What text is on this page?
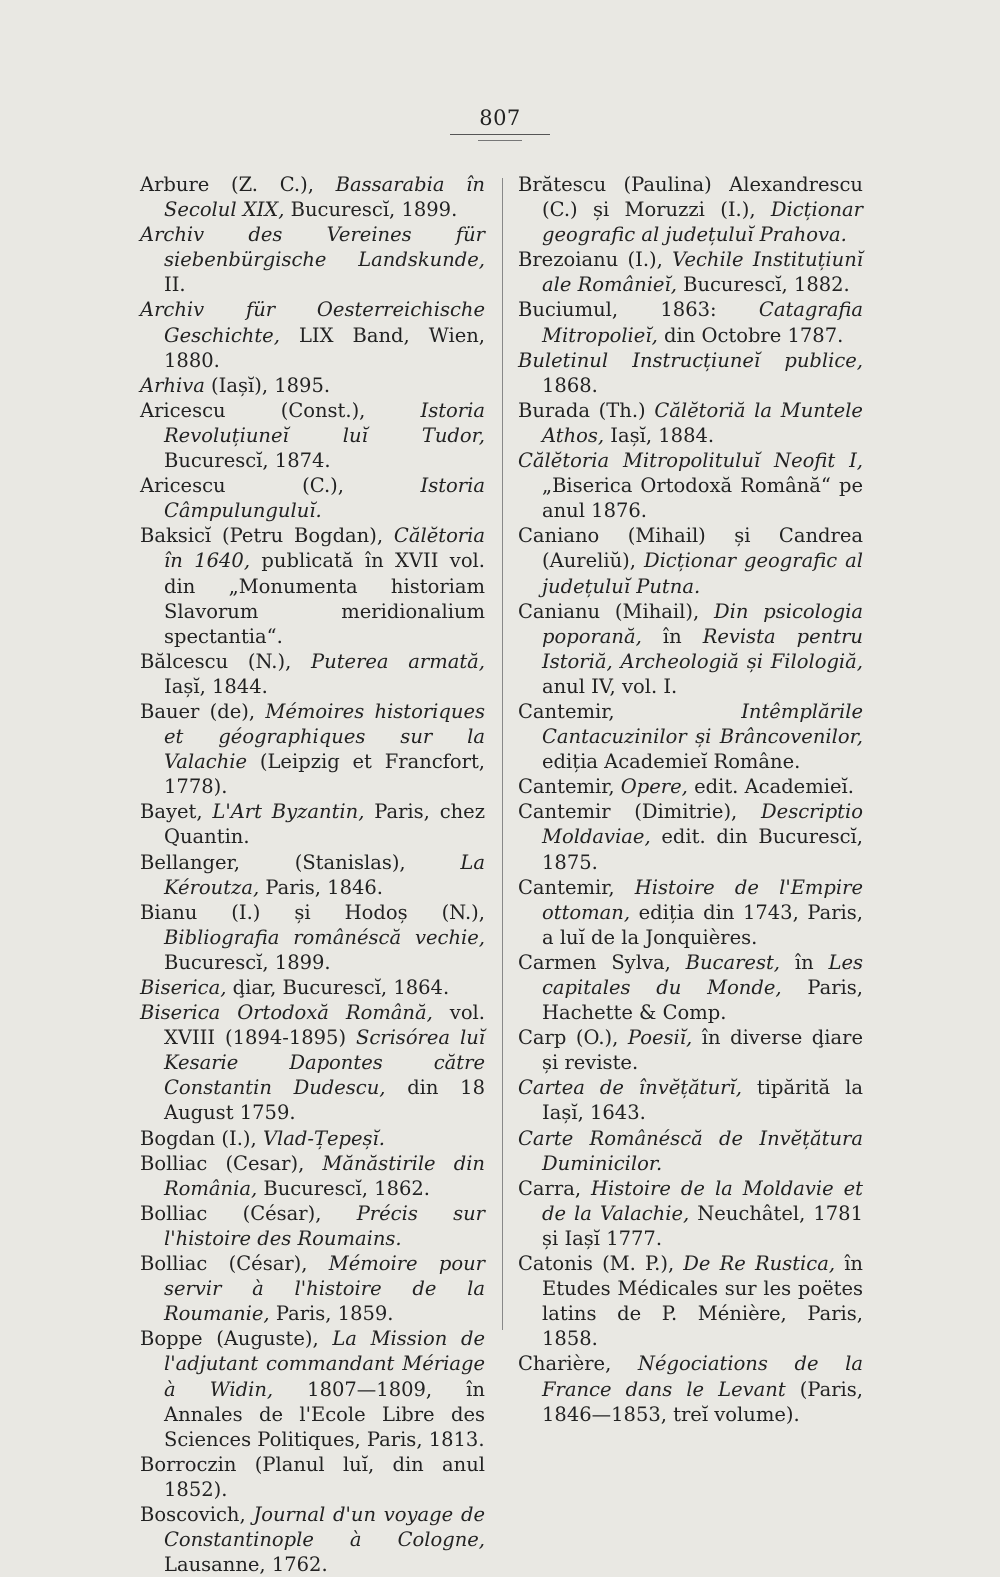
807
Arbure (Z. C.), Bassarabia în Secolul XIX, Bucurescĭ, 1899.
Archiv des Vereines für siebenbürgische Landskunde, II.
Archiv für Oesterreichische Geschichte, LIX Band, Wien, 1880.
Arhiva (Iașĭ), 1895.
Aricescu (Const.), Istoria Revoluțiuneĭ luĭ Tudor, Bucurescĭ, 1874.
Aricescu (C.), Istoria Câmpulunguluĭ.
Baksicĭ (Petru Bogdan), Călĕtoria în 1640, publicată în XVII vol. din „Monumenta historiam Slavorum meridionalium spectantia“.
Bălcescu (N.), Puterea armată, Iașĭ, 1844.
Bauer (de), Mémoires historiques et géographiques sur la Valachie (Leipzig et Francfort, 1778).
Bayet, L'Art Byzantin, Paris, chez Quantin.
Bellanger, (Stanislas), La Kéroutza, Paris, 1846.
Bianu (I.) și Hodoș (N.), Bibliografia românéscă vechie, Bucurescĭ, 1899.
Biserica, ḑiar, Bucurescĭ, 1864.
Biserica Ortodoxă Română, vol. XVIII (1894-1895) Scrisórea luĭ Kesarie Dapontes către Constantin Dudescu, din 18 August 1759.
Bogdan (I.), Vlad-Țepeșĭ.
Bolliac (Cesar), Mănăstirile din România, Bucurescĭ, 1862.
Bolliac (César), Précis sur l'histoire des Roumains.
Bolliac (César), Mémoire pour servir à l'histoire de la Roumanie, Paris, 1859.
Boppe (Auguste), La Mission de l'adjutant commandant Mériage à Widin, 1807—1809, în Annales de l'Ecole Libre des Sciences Politiques, Paris, 1813.
Borroczin (Planul luĭ, din anul 1852).
Boscovich, Journal d'un voyage de Constantinople à Cologne, Lausanne, 1762.
Brătescu (Paulina) Alexandrescu (C.) și Moruzzi (I.), Dicționar geografic al județuluĭ Prahova.
Brezoianu (I.), Vechile Instituțiunĭ ale Românieĭ, Bucurescĭ, 1882.
Buciumul, 1863: Catagrafia Mitropolieĭ, din Octobre 1787.
Buletinul Instrucțiuneĭ publice, 1868.
Burada (Th.) Călĕtoriă la Muntele Athos, Iașĭ, 1884.
Călĕtoria Mitropolituluĭ Neofit I, „Biserica Ortodoxă Română“ pe anul 1876.
Caniano (Mihail) și Candrea (Aureliŭ), Dicționar geografic al județuluĭ Putna.
Canianu (Mihail), Din psicologia poporană, în Revista pentru Istoriă, Archeologiă și Filologiă, anul IV, vol. I.
Cantemir, Intêmplările Cantacuzinilor și Brâncovenilor, ediția Academieĭ Române.
Cantemir, Opere, edit. Academieĭ.
Cantemir (Dimitrie), Descriptio Moldaviae, edit. din Bucurescĭ, 1875.
Cantemir, Histoire de l'Empire ottoman, ediția din 1743, Paris, a luĭ de la Jonquières.
Carmen Sylva, Bucarest, în Les capitales du Monde, Paris, Hachette & Comp.
Carp (O.), Poesiĭ, în diverse ḑiare și reviste.
Cartea de învĕțăturĭ, tipărită la Iașĭ, 1643.
Carte Românéscă de Invĕțătura Duminicilor.
Carra, Histoire de la Moldavie et de la Valachie, Neuchâtel, 1781 și Iașĭ 1777.
Catonis (M. P.), De Re Rustica, în Etudes Médicales sur les poëtes latins de P. Ménière, Paris, 1858.
Charière, Négociations de la France dans le Levant (Paris, 1846—1853, treĭ volume).
